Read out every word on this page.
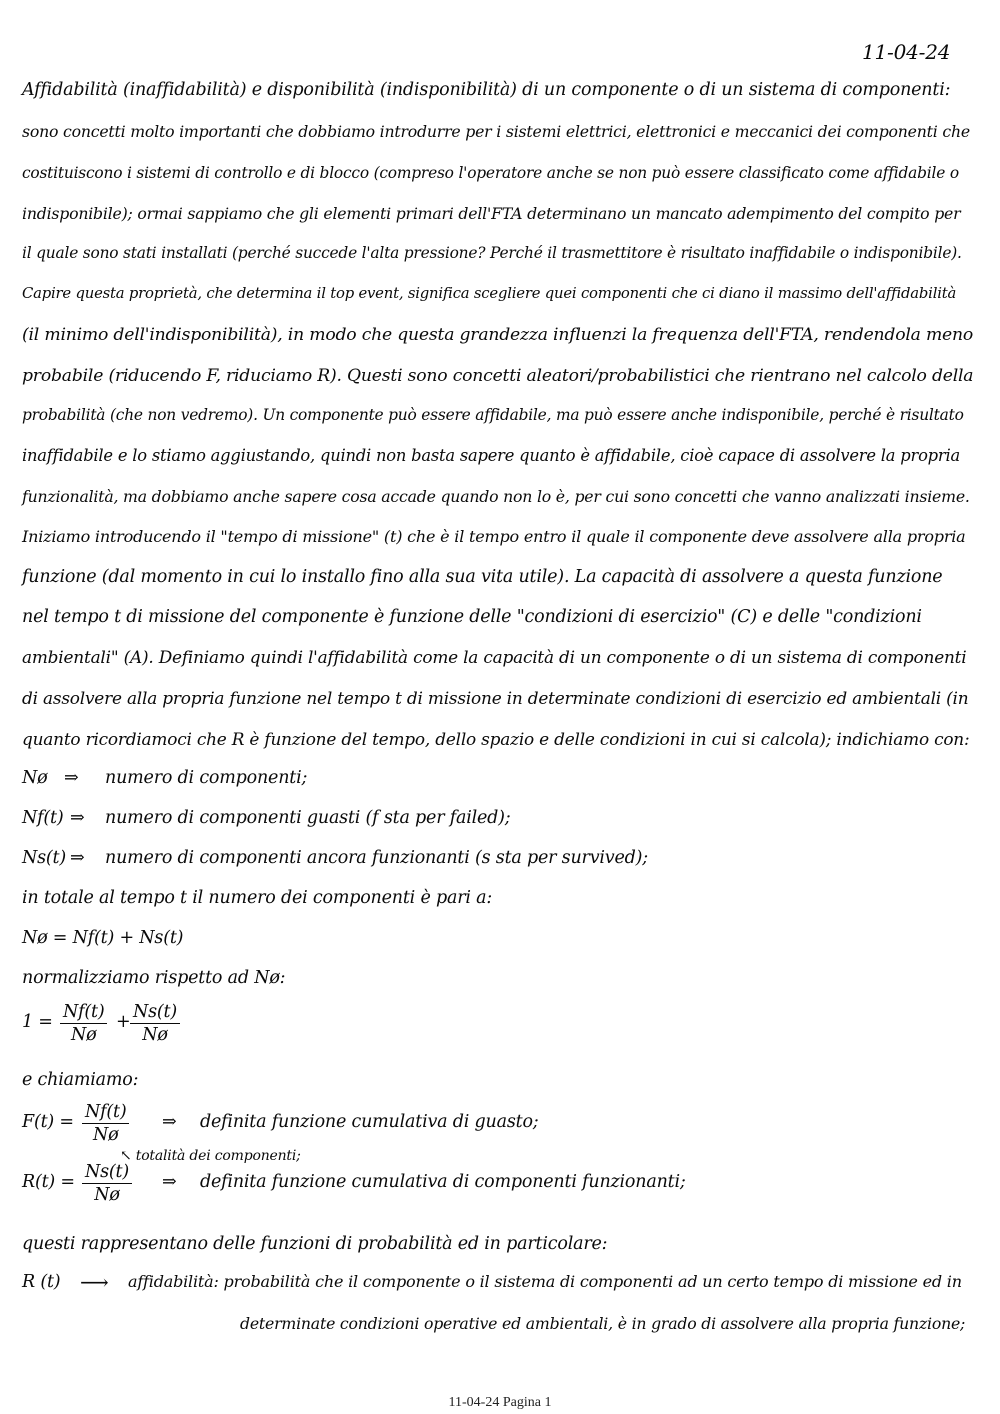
11-04-24
Affidabilità (inaffidabilità) e disponibilità (indisponibilità) di un componente o di un sistema di componenti:
sono concetti molto importanti che dobbiamo introdurre per i sistemi elettrici, elettronici e meccanici dei componenti che
costituiscono i sistemi di controllo e di blocco (compreso l'operatore anche se non può essere classificato come affidabile o
indisponibile); ormai sappiamo che gli elementi primari dell'FTA determinano un mancato adempimento del compito per
il quale sono stati installati (perché succede l'alta pressione? Perché il trasmettitore è risultato inaffidabile o indisponibile).
Capire questa proprietà, che determina il top event, significa scegliere quei componenti che ci diano il massimo dell'affidabilità
(il minimo dell'indisponibilità), in modo che questa grandezza influenzi la frequenza dell'FTA, rendendola meno
probabile (riducendo F, riduciamo R). Questi sono concetti aleatori/probabilistici che rientrano nel calcolo della
probabilità (che non vedremo). Un componente può essere affidabile, ma può essere anche indisponibile, perché è risultato
inaffidabile e lo stiamo aggiustando, quindi non basta sapere quanto è affidabile, cioè capace di assolvere la propria
funzionalità, ma dobbiamo anche sapere cosa accade quando non lo è, per cui sono concetti che vanno analizzati insieme.
Iniziamo introducendo il "tempo di missione" (t) che è il tempo entro il quale il componente deve assolvere alla propria
funzione (dal momento in cui lo installo fino alla sua vita utile). La capacità di assolvere a questa funzione
nel tempo t di missione del componente è funzione delle "condizioni di esercizio" (C) e delle "condizioni
ambientali" (A). Definiamo quindi l'affidabilità come la capacità di un componente o di un sistema di componenti
di assolvere alla propria funzione nel tempo t di missione in determinate condizioni di esercizio ed ambientali (in
quanto ricordiamoci che R è funzione del tempo, dello spazio e delle condizioni in cui si calcola); indichiamo con:
Nø ⇒ numero di componenti;
Nf(t) ⇒ numero di componenti guasti (f sta per failed);
Ns(t) ⇒ numero di componenti ancora funzionanti (s sta per survived);
in totale al tempo t il numero dei componenti è pari a:
Nø = Nf(t) + Ns(t)
normalizziamo rispetto ad Nø:
$1 = \frac{Nf(t)}{Nø} + \frac{Ns(t)}{Nø}$
e chiamiamo:
$F(t) = \frac{Nf(t)}{Nø}$ ⇒ definita funzione cumulativa di guasto;
↖ totalità dei componenti;
$R(t) = \frac{Ns(t)}{Nø}$ ⇒ definita funzione cumulativa di componenti funzionanti;
questi rappresentano delle funzioni di probabilità ed in particolare:
R (t) ⟶ affidabilità: probabilità che il componente o il sistema di componenti ad un certo tempo di missione ed in
determinate condizioni operative ed ambientali, è in grado di assolvere alla propria funzione;
11-04-24 Pagina 1
